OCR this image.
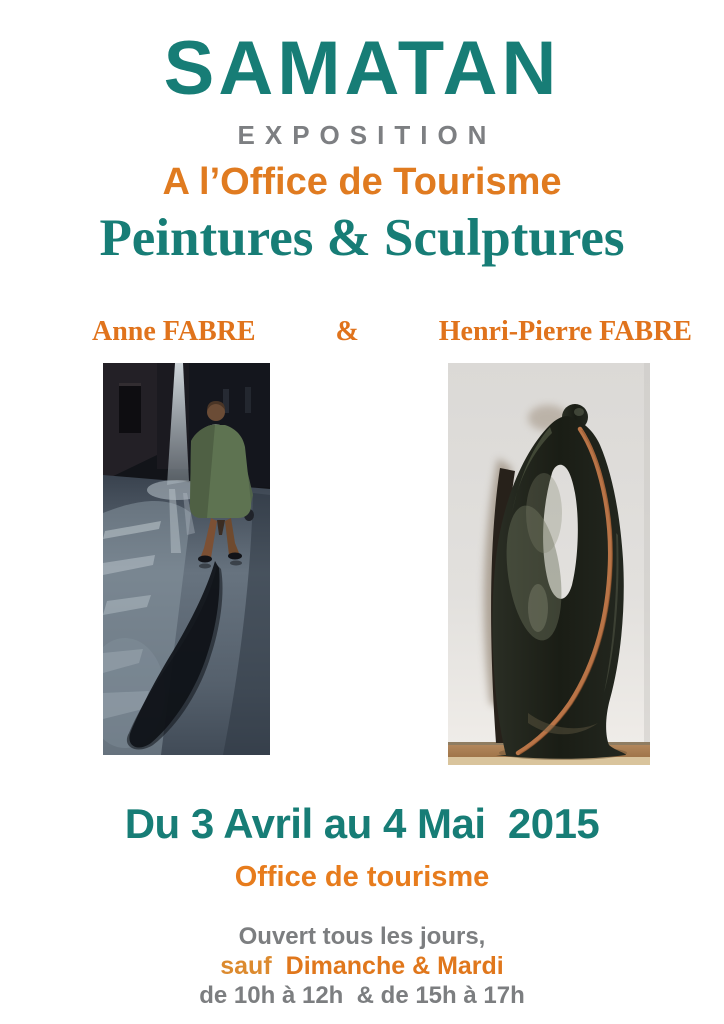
SAMATAN
EXPOSITION
A l’Office de Tourisme
Peintures & Sculptures
Anne FABRE	&	Henri-Pierre FABRE
Du 3 Avril au 4 Mai  2015
Office de tourisme
Ouvert tous les jours,
sauf Dimanche & Mardi
de 10h à 12h  & de 15h à 17h
